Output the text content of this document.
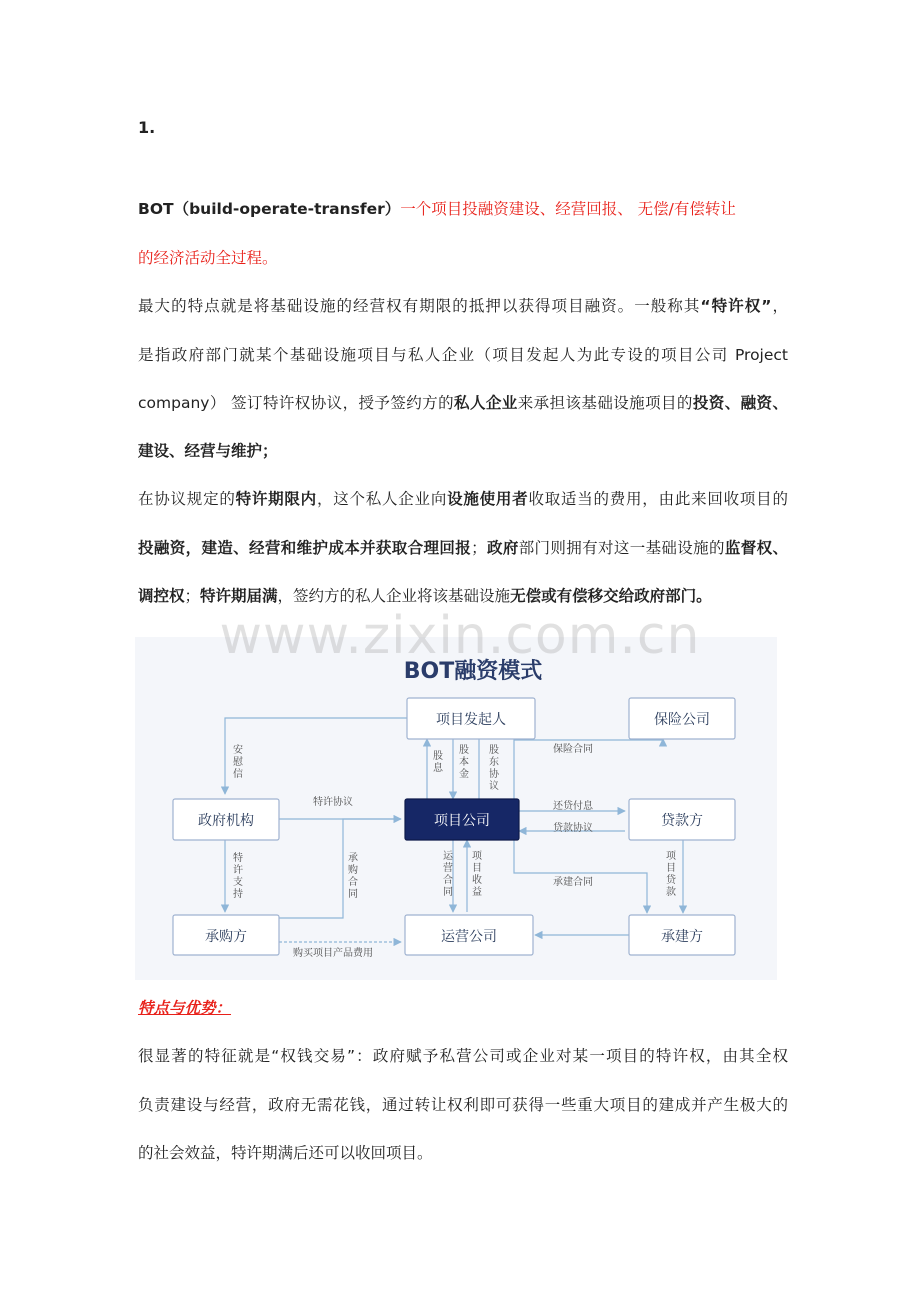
1.
BOT（build-operate-transfer）一个项目投融资建设、经营回报、 无偿/有偿转让
的经济活动全过程。
最大的特点就是将基础设施的经营权有期限的抵押以获得项目融资。一般称其“特许权”，
是指政府部门就某个基础设施项目与私人企业（项目发起人为此专设的项目公司 Project
company） 签订特许权协议，授予签约方的私人企业来承担该基础设施项目的投资、融资、
建设、经营与维护；
在协议规定的特许期限内，这个私人企业向设施使用者收取适当的费用，由此来回收项目的
投融资，建造、经营和维护成本并获取合理回报；政府部门则拥有对这一基础设施的监督权、
调控权；特许期届满，签约方的私人企业将该基础设施无偿或有偿移交给政府部门。
BOT融资模式
项目发起人	保险公司
政府机构	项目公司	贷款方
承购方	运营公司	承建方
保险合同
特许协议	还贷付息
贷款协议
承建合同
购买项目产品费用
安慰信
股息
股本金
股东协议
特许支持
承购合同
运营合同
项目收益
项目贷款
www.zixin.com.cn
特点与优势：
很显著的特征就是“权钱交易”：政府赋予私营公司或企业对某一项目的特许权，由其全权
负责建设与经营，政府无需花钱，通过转让权利即可获得一些重大项目的建成并产生极大的
的社会效益，特许期满后还可以收回项目。
